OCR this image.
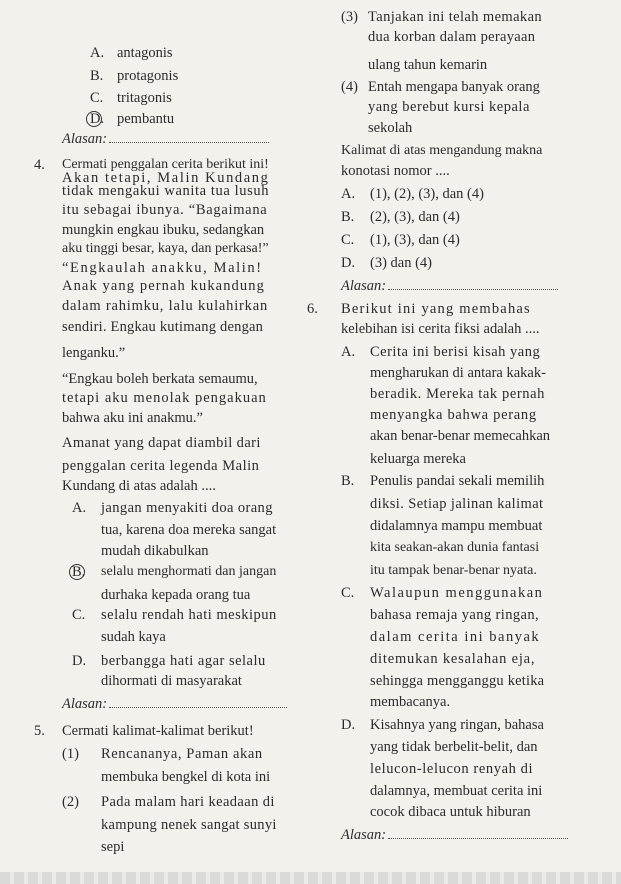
A. antagonis
B. protagonis
C. tritagonis
D. pembantu
Alasan:
4. Cermati penggalan cerita berikut ini!
Akan tetapi, Malin Kundang
tidak mengakui wanita tua lusuh
itu sebagai ibunya. “Bagaimana
mungkin engkau ibuku, sedangkan
aku tinggi besar, kaya, dan perkasa!”
“Engkaulah anakku, Malin!
Anak yang pernah kukandung
dalam rahimku, lalu kulahirkan
sendiri. Engkau kutimang dengan
lenganku.”
“Engkau boleh berkata semaumu,
tetapi aku menolak pengakuan
bahwa aku ini anakmu.”
Amanat yang dapat diambil dari
penggalan cerita legenda Malin
Kundang di atas adalah ....
A. jangan menyakiti doa orang
tua, karena doa mereka sangat
mudah dikabulkan
B. selalu menghormati dan jangan
durhaka kepada orang tua
C. selalu rendah hati meskipun
sudah kaya
D. berbangga hati agar selalu
dihormati di masyarakat
Alasan:
5. Cermati kalimat-kalimat berikut!
(1) Rencananya, Paman akan
membuka bengkel di kota ini
(2) Pada malam hari keadaan di
kampung nenek sangat sunyi
sepi
(3) Tanjakan ini telah memakan
dua korban dalam perayaan
ulang tahun kemarin
(4) Entah mengapa banyak orang
yang berebut kursi kepala
sekolah
Kalimat di atas mengandung makna
konotasi nomor ....
A. (1), (2), (3), dan (4)
B. (2), (3), dan (4)
C. (1), (3), dan (4)
D. (3) dan (4)
Alasan:
6. Berikut ini yang membahas
kelebihan isi cerita fiksi adalah ....
A. Cerita ini berisi kisah yang
mengharukan di antara kakak-
beradik. Mereka tak pernah
menyangka bahwa perang
akan benar-benar memecahkan
keluarga mereka
B. Penulis pandai sekali memilih
diksi. Setiap jalinan kalimat
didalamnya mampu membuat
kita seakan-akan dunia fantasi
itu tampak benar-benar nyata.
C. Walaupun menggunakan
bahasa remaja yang ringan,
dalam cerita ini banyak
ditemukan kesalahan eja,
sehingga mengganggu ketika
membacanya.
D. Kisahnya yang ringan, bahasa
yang tidak berbelit-belit, dan
lelucon-lelucon renyah di
dalamnya, membuat cerita ini
cocok dibaca untuk hiburan
Alasan:
